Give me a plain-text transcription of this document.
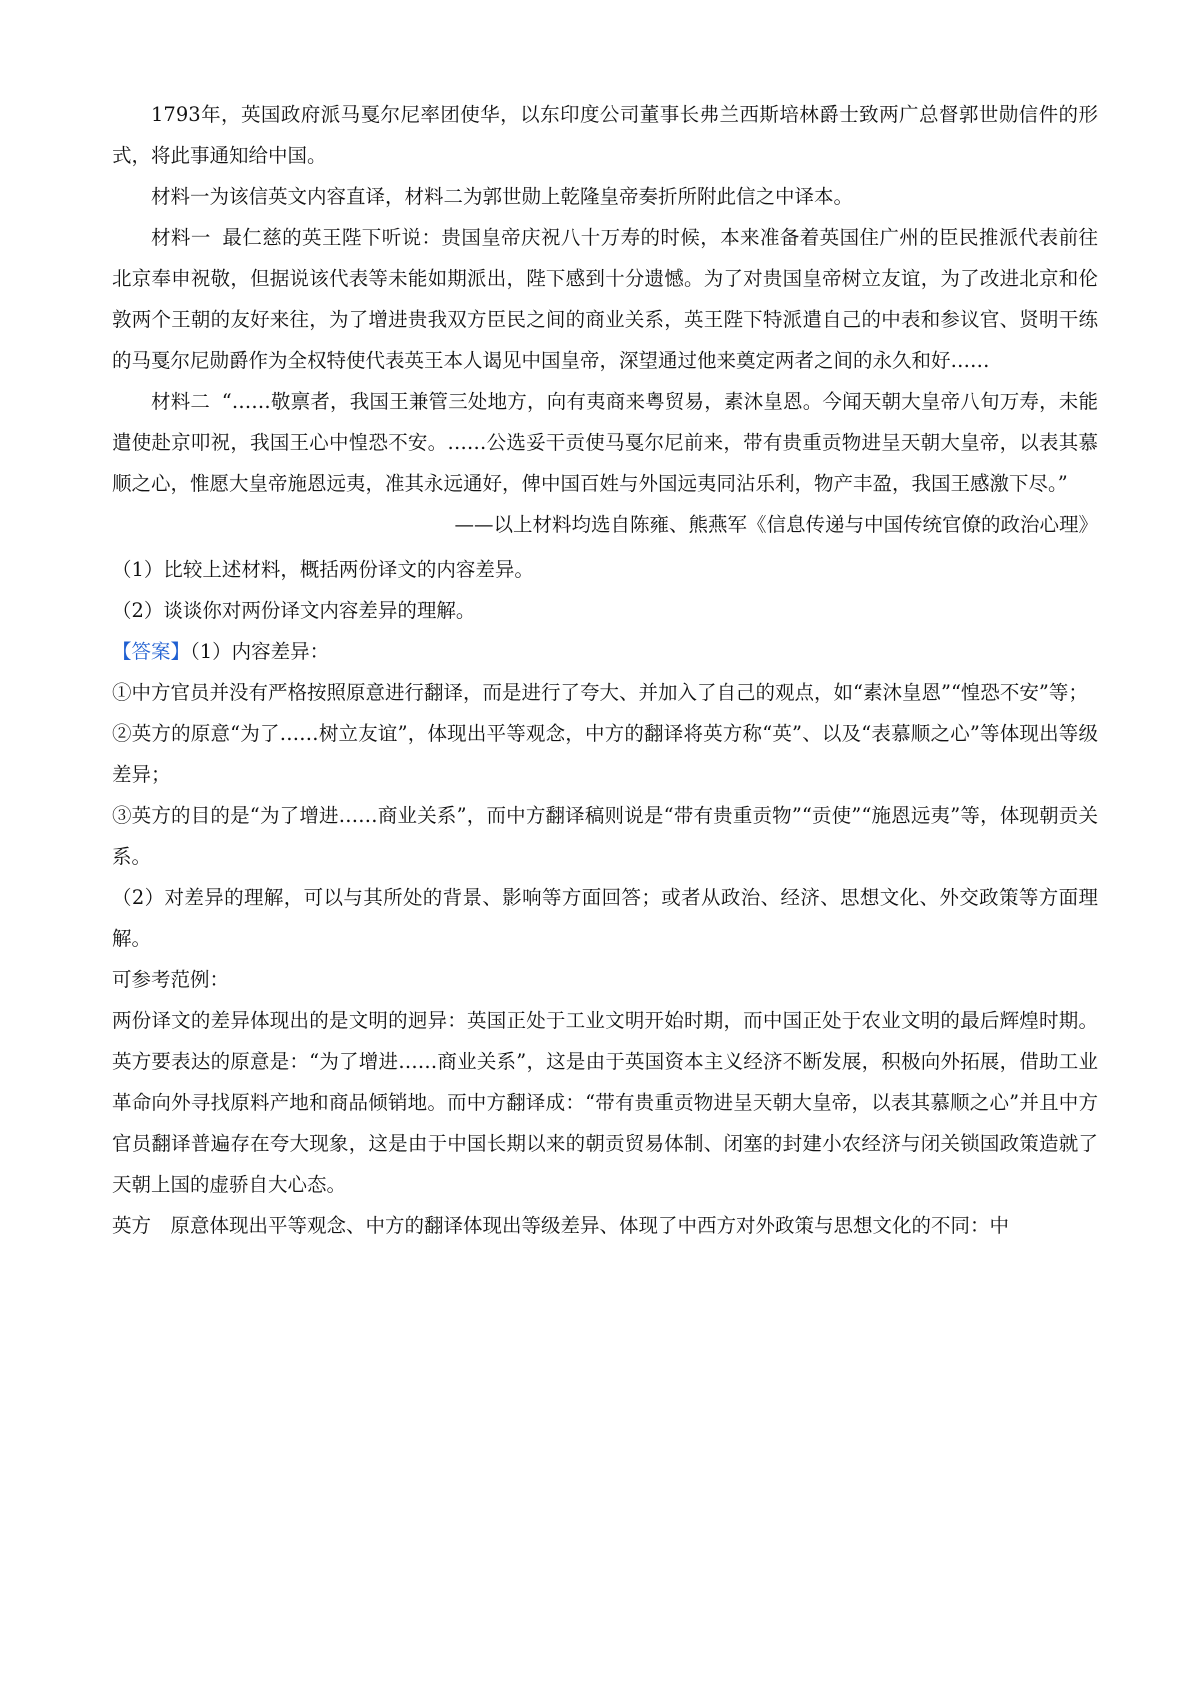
1793年，英国政府派马戛尔尼率团使华，以东印度公司董事长弗兰西斯培林爵士致两广总督郭世勋信件的形式，将此事通知给中国。

材料一为该信英文内容直译，材料二为郭世勋上乾隆皇帝奏折所附此信之中译本。

材料一 最仁慈的英王陛下听说：贵国皇帝庆祝八十万寿的时候，本来准备着英国住广州的臣民推派代表前往北京奉申祝敬，但据说该代表等未能如期派出，陛下感到十分遗憾。为了对贵国皇帝树立友谊，为了改进北京和伦敦两个王朝的友好来往，为了增进贵我双方臣民之间的商业关系，英王陛下特派遣自己的中表和参议官、贤明干练的马戛尔尼勋爵作为全权特使代表英王本人谒见中国皇帝，深望通过他来奠定两者之间的永久和好……

材料二 “……敬禀者，我国王兼管三处地方，向有夷商来粤贸易，素沐皇恩。今闻天朝大皇帝八旬万寿，未能遣使赴京叩祝，我国王心中惶恐不安。……公选妥干贡使马戛尔尼前来，带有贵重贡物进呈天朝大皇帝，以表其慕顺之心，惟愿大皇帝施恩远夷，准其永远通好，俾中国百姓与外国远夷同沾乐利，物产丰盈，我国王感激下尽。”

——以上材料均选自陈雍、熊燕军《信息传递与中国传统官僚的政治心理》

（1）比较上述材料，概括两份译文的内容差异。

（2）谈谈你对两份译文内容差异的理解。

【答案】（1）内容差异：

①中方官员并没有严格按照原意进行翻译，而是进行了夸大、并加入了自己的观点，如“素沐皇恩”“惶恐不安”等；

②英方的原意“为了……树立友谊”，体现出平等观念，中方的翻译将英方称“英”、以及“表慕顺之心”等体现出等级差异；

③英方的目的是“为了增进……商业关系”，而中方翻译稿则说是“带有贵重贡物”“贡使”“施恩远夷”等，体现朝贡关系。

（2）对差异的理解，可以与其所处的背景、影响等方面回答；或者从政治、经济、思想文化、外交政策等方面理解。

可参考范例：

两份译文的差异体现出的是文明的迥异：英国正处于工业文明开始时期，而中国正处于农业文明的最后辉煌时期。英方要表达的原意是：“为了增进……商业关系”，这是由于英国资本主义经济不断发展，积极向外拓展，借助工业革命向外寻找原料产地和商品倾销地。而中方翻译成：“带有贵重贡物进呈天朝大皇帝，以表其慕顺之心”并且中方官员翻译普遍存在夸大现象，这是由于中国长期以来的朝贡贸易体制、闭塞的封建小农经济与闭关锁国政策造就了天朝上国的虚骄自大心态。

英方　原意体现出平等观念、中方的翻译体现出等级差异、体现了中西方对外政策与思想文化的不同：中
